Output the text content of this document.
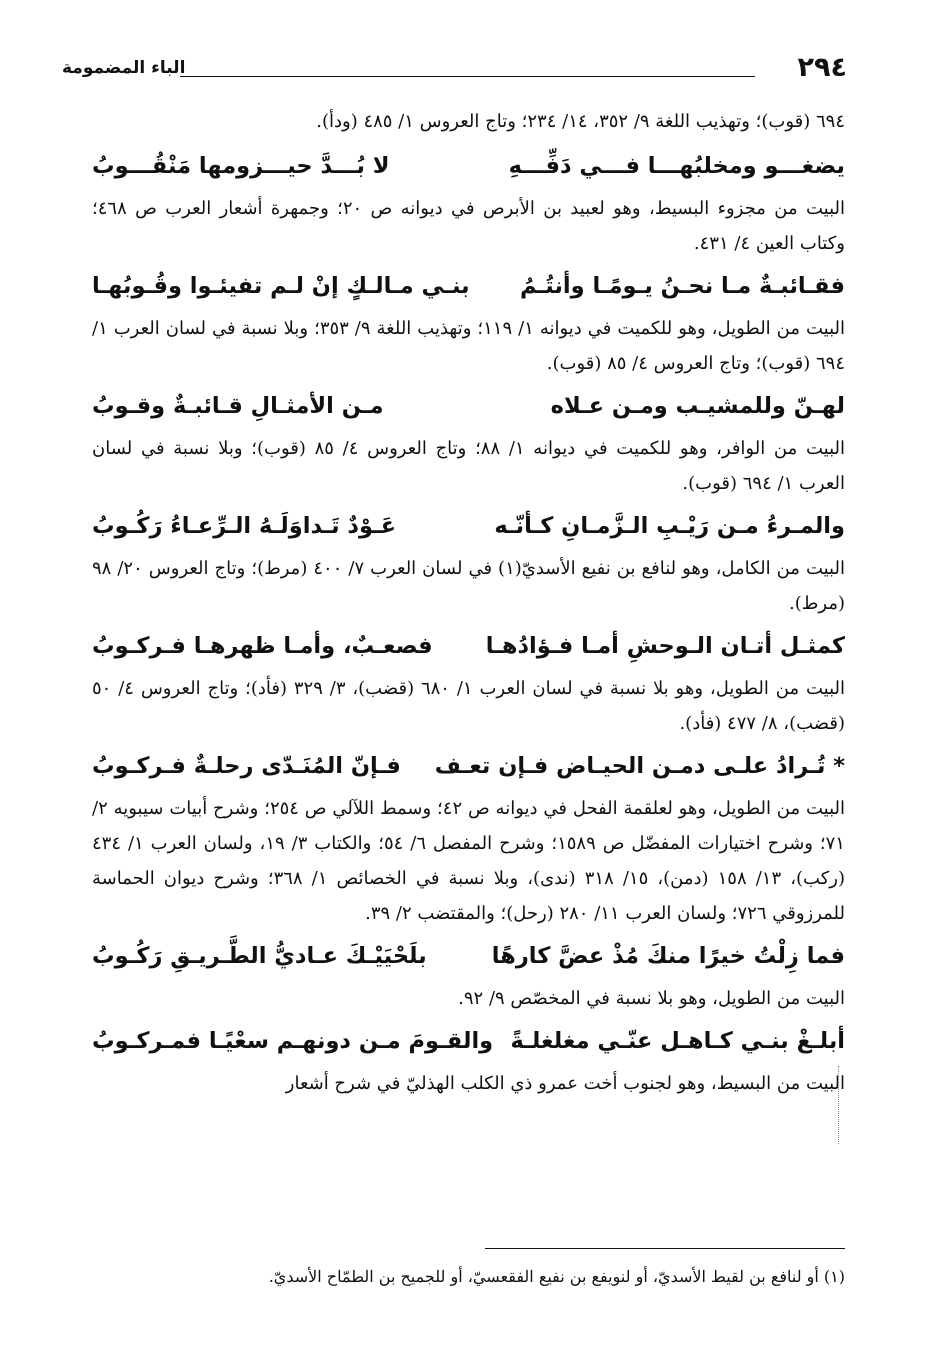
٢٩٤
الباء المضمومة
٦٩٤ (قوب)؛ وتهذيب اللغة ٩/ ٣٥٢، ١٤/ ٢٣٤؛ وتاج العروس ١/ ٤٨٥ (ودأ).
يضغـــو ومخلبُهـــا فـــي دَفِّـــهِ
لا بُـــدَّ حيـــزومها مَنْقُـــوبُ
البيت من مجزوء البسيط، وهو لعبيد بن الأبرص في ديوانه ص ٢٠؛ وجمهرة أشعار العرب ص ٤٦٨؛ وكتاب العين ٤/ ٤٣١.
فقـائبـةٌ مـا نحـنُ يـومًـا وأنتُـمُ
بنـي مـالـكٍ إنْ لـم تفيئـوا وقُـوبُهـا
البيت من الطويل، وهو للكميت في ديوانه ١/ ١١٩؛ وتهذيب اللغة ٩/ ٣٥٣؛ وبلا نسبة في لسان العرب ١/ ٦٩٤ (قوب)؛ وتاج العروس ٤/ ٨٥ (قوب).
لهـنّ وللمشيـب ومـن عـلاه
مـن الأمثـالِ قـائبـةٌ وقـوبُ
البيت من الوافر، وهو للكميت في ديوانه ١/ ٨٨؛ وتاج العروس ٤/ ٨٥ (قوب)؛ وبلا نسبة في لسان العرب ١/ ٦٩٤ (قوب).
والمـرءُ مـن رَيْـبِ الـزَّمـانِ كـأنّـه
عَـوْدٌ تَـداوَلَـهُ الـرِّعـاءُ رَكُـوبُ
البيت من الكامل، وهو لنافع بن نفيع الأسديّ(١) في لسان العرب ٧/ ٤٠٠ (مرط)؛ وتاج العروس ٢٠/ ٩٨ (مرط).
كمثـل أتـان الـوحشِ أمـا فـؤادُهـا
فصعـبٌ، وأمـا ظهرهـا فـركـوبُ
البيت من الطويل، وهو بلا نسبة في لسان العرب ١/ ٦٨٠ (قضب)، ٣/ ٣٢٩ (فأد)؛ وتاج العروس ٤/ ٥٠ (قضب)، ٨/ ٤٧٧ (فأد).
* تُـرادُ علـى دمـن الحيـاض فـإن تعـف
فـإنّ المُنَـدّى رحلـةٌ فـركـوبُ
البيت من الطويل، وهو لعلقمة الفحل في ديوانه ص ٤٢؛ وسمط اللآلي ص ٢٥٤؛ وشرح أبيات سيبويه ٢/ ٧١؛ وشرح اختيارات المفضّل ص ١٥٨٩؛ وشرح المفصل ٦/ ٥٤؛ والكتاب ٣/ ١٩، ولسان العرب ١/ ٤٣٤ (ركب)، ١٣/ ١٥٨ (دمن)، ١٥/ ٣١٨ (ندى)، وبلا نسبة في الخصائص ١/ ٣٦٨؛ وشرح ديوان الحماسة للمرزوقي ٧٢٦؛ ولسان العرب ١١/ ٢٨٠ (رحل)؛ والمقتضب ٢/ ٣٩.
فما زِلْتُ خيرًا منكَ مُذْ عضَّ كارهًا
بلَحْيَيْـكَ عـاديُّ الطَّـريـقِ رَكُـوبُ
البيت من الطويل، وهو بلا نسبة في المخصّص ٩/ ٩٢.
أبلـغْ بنـي كـاهـل عنّـي مغلغلـةً
والقـومَ مـن دونهـم سعْيًـا فمـركـوبُ
البيت من البسيط، وهو لجنوب أخت عمرو ذي الكلب الهذليّ في شرح أشعار
(١) أو لنافع بن لقيط الأسديّ، أو لنويفع بن نفيع الفقعسيّ، أو للجميح بن الطمّاح الأسديّ.
